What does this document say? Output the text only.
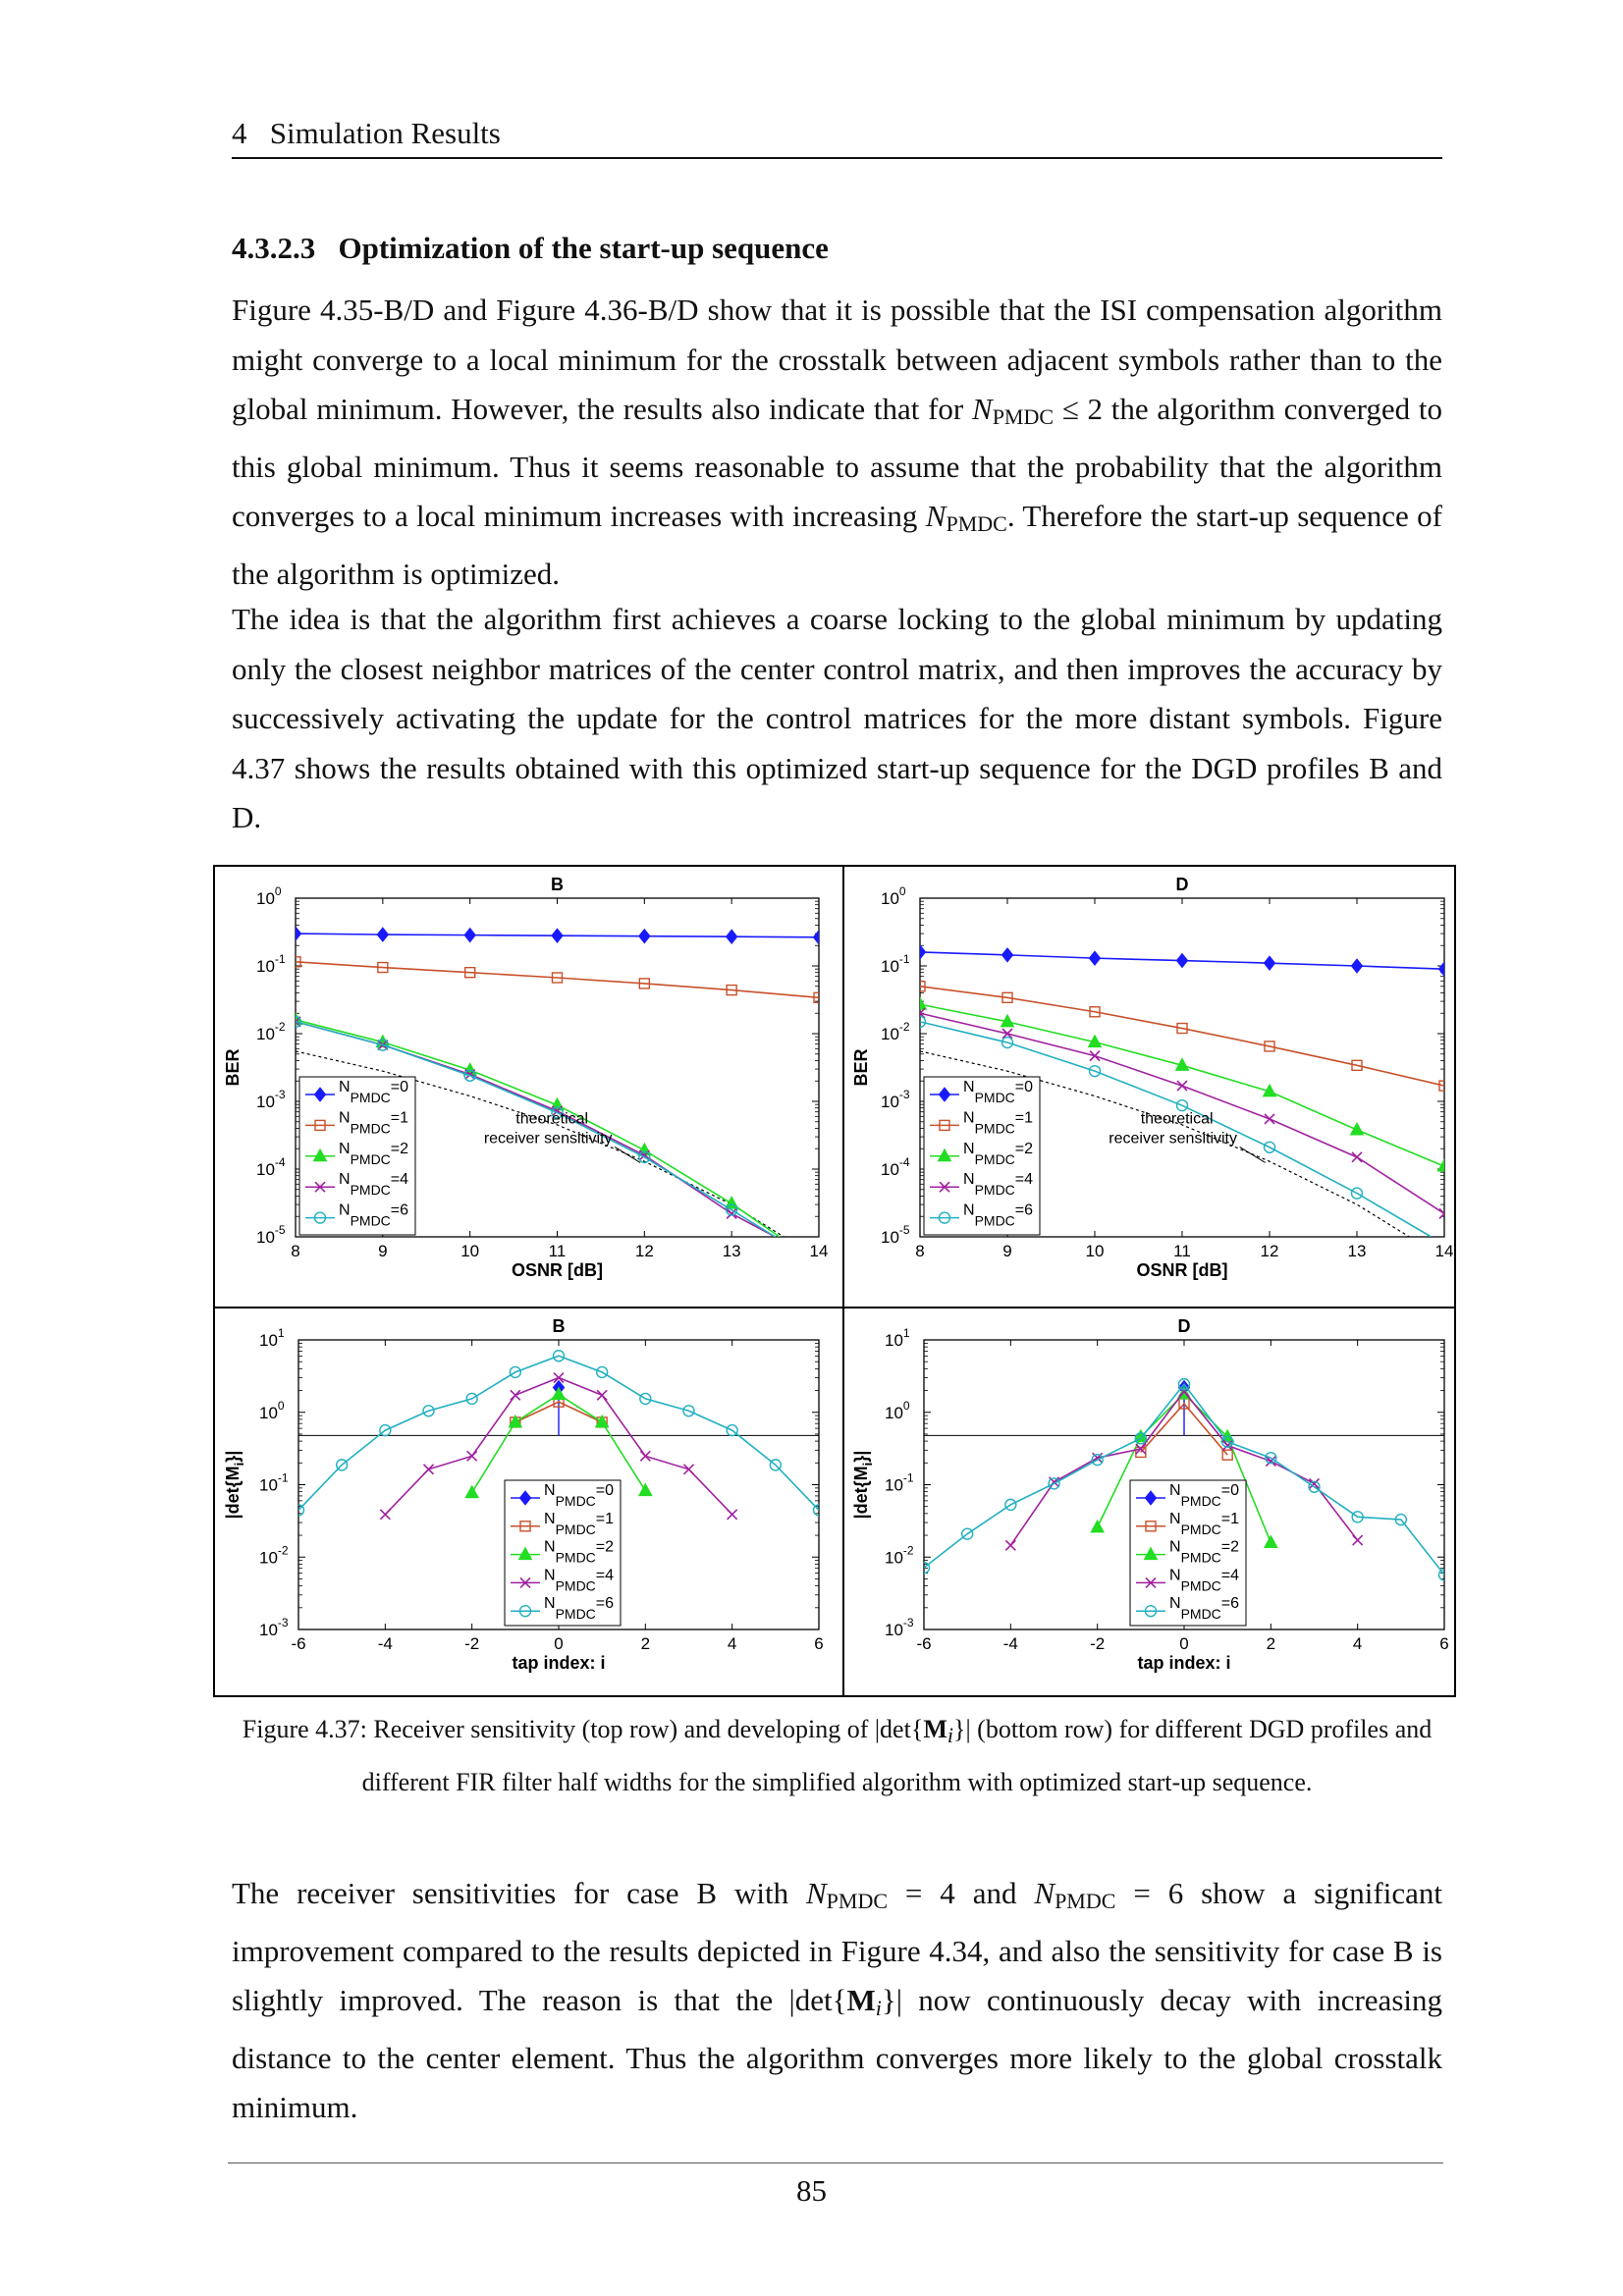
4 Simulation Results
4.3.2.3 Optimization of the start-up sequence

Figure 4.35-B/D and Figure 4.36-B/D show that it is possible that the ISI compensation algorithm might converge to a local minimum for the crosstalk between adjacent symbols rather than to the global minimum. However, the results also indicate that for $N_{PMDC} \le 2$ the algorithm converged to this global minimum. Thus it seems reasonable to assume that the probability that the algorithm converges to a local minimum increases with increasing $N_{PMDC}$. Therefore the start-up sequence of the algorithm is optimized.

The idea is that the algorithm first achieves a coarse locking to the global minimum by updating only the closest neighbor matrices of the center control matrix, and then improves the accuracy by successively activating the update for the control matrices for the more distant symbols. Figure 4.37 shows the results obtained with this optimized start-up sequence for the DGD profiles B and D.

B
8	9	10	11	12	13	14
$10^0$
$10^{-1}$
$10^{-2}$
$10^{-3}$
$10^{-4}$
$10^{-5}$
OSNR [dB]
BER
theoretical
receiver sensitivity
NPMDC=0
NPMDC=1
NPMDC=2
NPMDC=4
NPMDC=6
D
8	9	10	11	12	13	14
$10^0$
$10^{-1}$
$10^{-2}$
$10^{-3}$
$10^{-4}$
$10^{-5}$
OSNR [dB]
BER
theoretical
receiver sensitivity
NPMDC=0
NPMDC=1
NPMDC=2
NPMDC=4
NPMDC=6
B
-6	-4	-2	0	2	4	6
$10^1$
$10^0$
$10^{-1}$
$10^{-2}$
$10^{-3}$
tap index: i
$|\det\{M_i\}|$
NPMDC=0
NPMDC=1
NPMDC=2
NPMDC=4
NPMDC=6
D
-6	-4	-2	0	2	4	6
$10^1$
$10^0$
$10^{-1}$
$10^{-2}$
$10^{-3}$
tap index: i
$|\det\{M_i\}|$
NPMDC=0
NPMDC=1
NPMDC=2
NPMDC=4
NPMDC=6
Figure 4.37: Receiver sensitivity (top row) and developing of $|\det\{M_i\}|$ (bottom row) for different DGD profiles and different FIR filter half widths for the simplified algorithm with optimized start-up sequence.

The receiver sensitivities for case B with $N_{PMDC} = 4$ and $N_{PMDC} = 6$ show a significant improvement compared to the results depicted in Figure 4.34, and also the sensitivity for case B is slightly improved. The reason is that the $|\det\{M_i\}|$ now continuously decay with increasing distance to the center element. Thus the algorithm converges more likely to the global crosstalk minimum.

85
